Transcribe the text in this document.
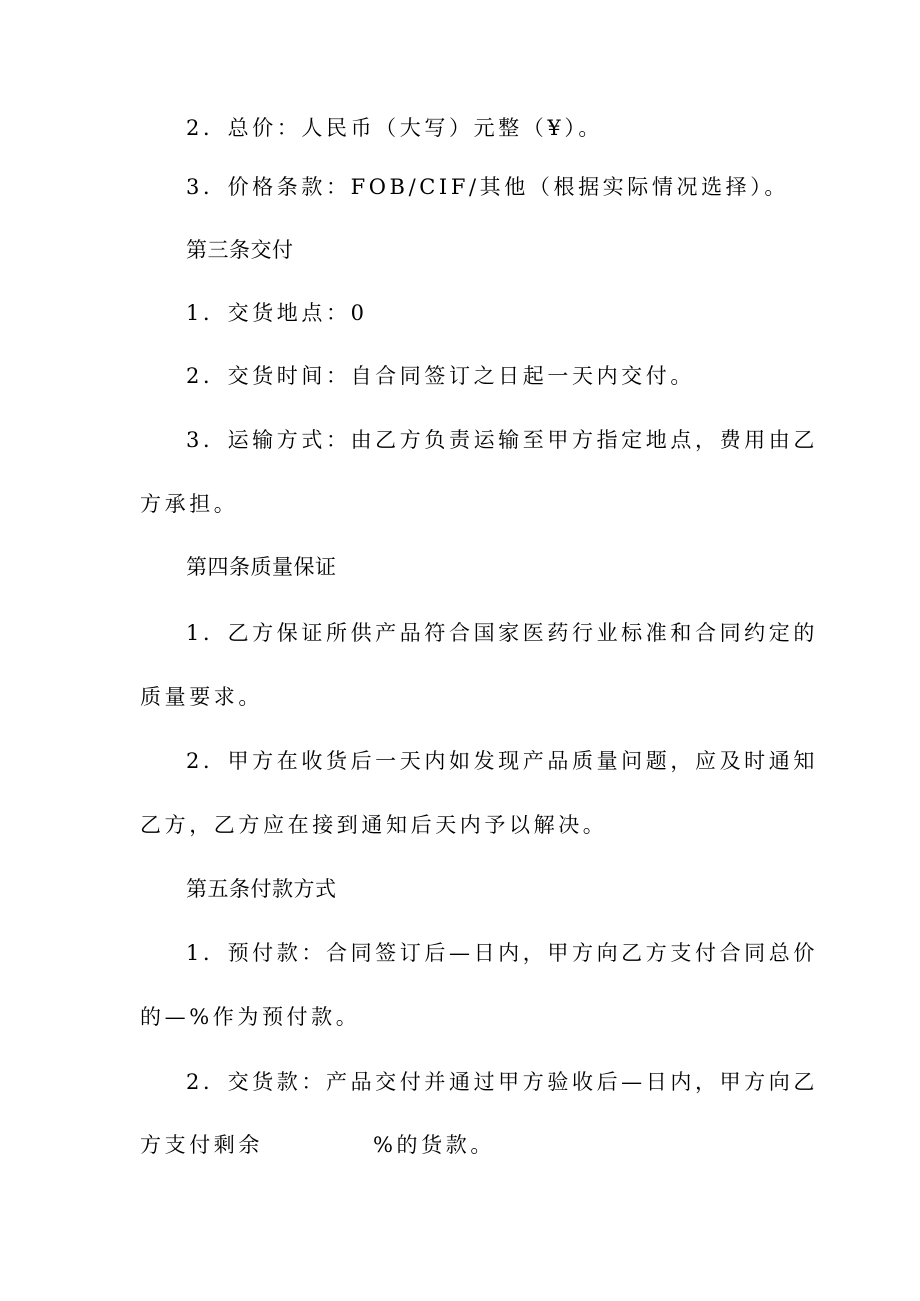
2．总价：人民币（大写）元整（¥）。
3．价格条款：FOB/CIF/其他（根据实际情况选择）。
第三条交付
1．交货地点：0
2．交货时间：自合同签订之日起一天内交付。
3．运输方式：由乙方负责运输至甲方指定地点，费用由乙
方承担。
第四条质量保证
1．乙方保证所供产品符合国家医药行业标准和合同约定的
质量要求。
2．甲方在收货后一天内如发现产品质量问题，应及时通知
乙方，乙方应在接到通知后天内予以解决。
第五条付款方式
1．预付款：合同签订后—日内，甲方向乙方支付合同总价
的—%作为预付款。
2．交货款：产品交付并通过甲方验收后—日内，甲方向乙
方支付剩余	%的货款。
